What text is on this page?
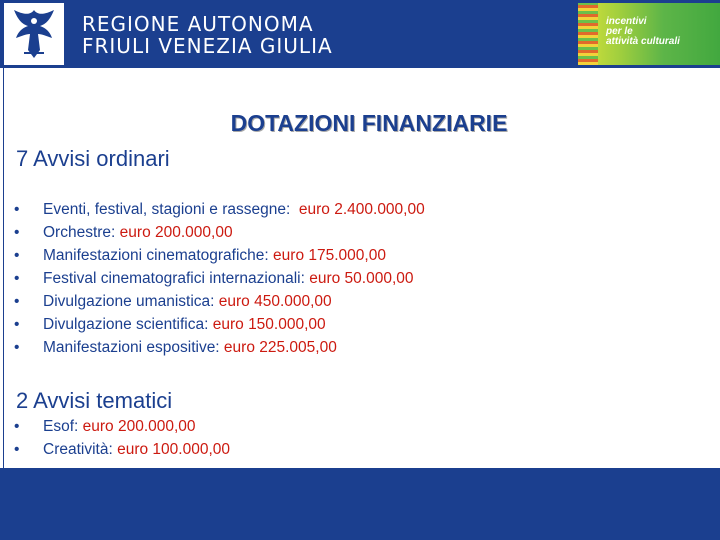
REGIONE AUTONOMA
FRIULI VENEZIA GIULIA
incentivi
per le
attività culturali
DOTAZIONI FINANZIARIE
7 Avvisi ordinari
• Eventi, festival, stagioni e rassegne:  euro 2.400.000,00
• Orchestre: euro 200.000,00
• Manifestazioni cinematografiche: euro 175.000,00
• Festival cinematografici internazionali: euro 50.000,00
• Divulgazione umanistica: euro 450.000,00
• Divulgazione scientifica: euro 150.000,00
• Manifestazioni espositive: euro 225.005,00
2 Avvisi tematici
• Esof: euro 200.000,00
• Creatività: euro 100.000,00
